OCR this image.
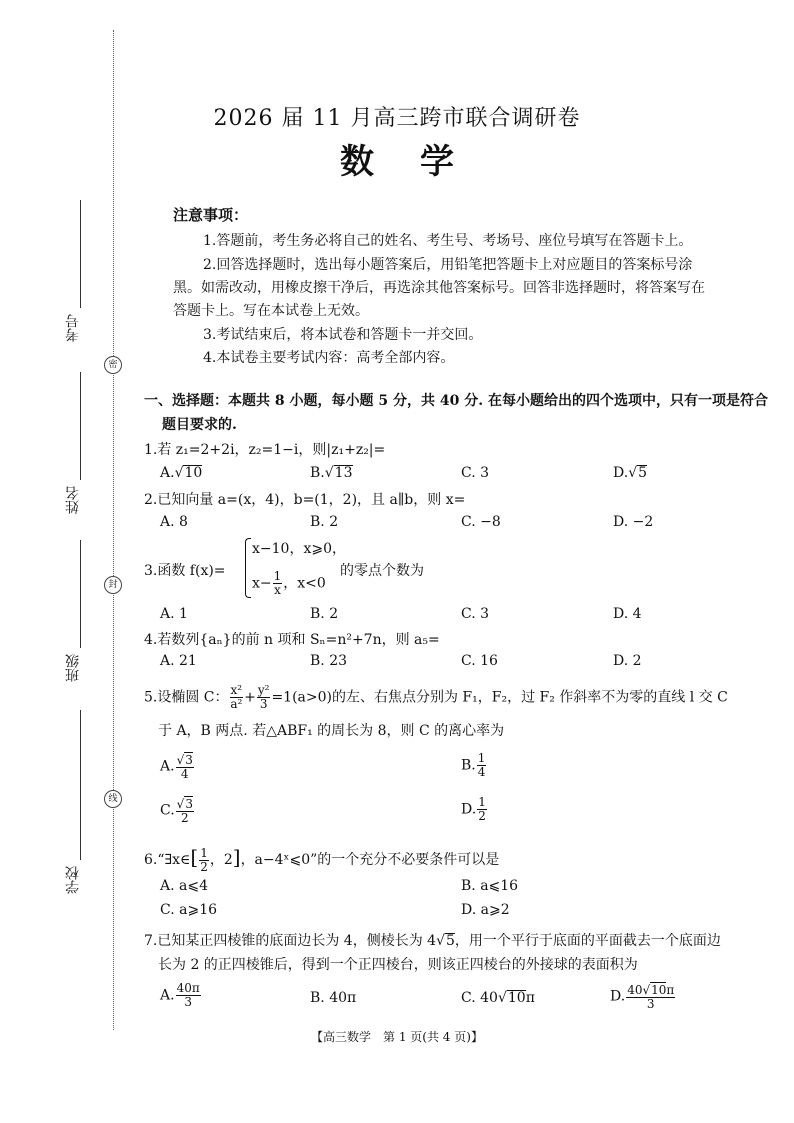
考号
姓名
班级
学校
密
封
线
2026 届 11 月高三跨市联合调研卷
数学
注意事项：
1.答题前，考生务必将自己的姓名、考生号、考场号、座位号填写在答题卡上。
2.回答选择题时，选出每小题答案后，用铅笔把答题卡上对应题目的答案标号涂
黑。如需改动，用橡皮擦干净后，再选涂其他答案标号。回答非选择题时，将答案写在
答题卡上。写在本试卷上无效。
3.考试结束后，将本试卷和答题卡一并交回。
4.本试卷主要考试内容：高考全部内容。
一、选择题：本题共 8 小题，每小题 5 分，共 40 分. 在每小题给出的四个选项中，只有一项是符合
题目要求的.
1.若 z₁=2+2i，z₂=1−i，则|z₁+z₂|=
A.√10	B.√13	C. 3	D.√5
2.已知向量 a=(x，4)，b=(1，2)，且 a∥b，则 x=
A. 8	B. 2	C. −8	D. −2
3.函数 f(x)=
x−10，x⩾0，
$x- \frac{1}{x}$ ，x<0
的零点个数为
A. 1	B. 2	C. 3	D. 4
4.若数列{aₙ}的前 n 项和 Sₙ=n²+7n，则 a₅=
A. 21	B. 23	C. 16	D. 2
5.设椭圆 C： $\frac{\text{x²}}{\text{a²}} + \frac{\text{y²}}{3} =1(a>0)$的左、右焦点分别为 F₁，F₂，过 F₂ 作斜率不为零的直线 l 交 C
于 A，B 两点. 若△ABF₁ 的周长为 8，则 C 的离心率为
A. $\frac{√3}{4}$	B. $\frac{1}{4}$
C. $\frac{√3}{2}$	D. $\frac{1}{2}$
6.“∃x∈[ $\frac{1}{2}$ ，2]，a−4ˣ⩽0”的一个充分不必要条件可以是
A. a⩽4	B. a⩽16
C. a⩾16	D. a⩾2
7.已知某正四棱锥的底面边长为 4，侧棱长为 4√5，用一个平行于底面的平面截去一个底面边
长为 2 的正四棱锥后，得到一个正四棱台，则该正四棱台的外接球的表面积为
A. $\frac{40\pi}{3}$	B. 40π	C. 40√10π	D. $\frac{40√10\pi}{3}$
【高三数学　第 1 页(共 4 页)】
